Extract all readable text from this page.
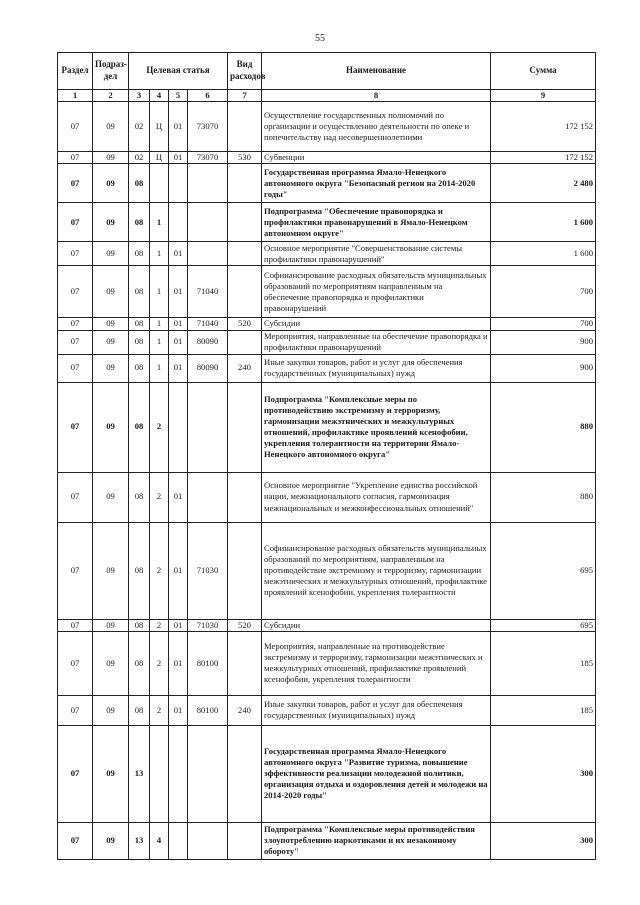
55
Раздел	Подраз-дел	Целевая статья				Вид расходов	Наименование	Сумма
1	2	3	4	5	6	7	8	9
07	09	02	Ц	01	73070		Осуществление государственных полномочий по организации и осуществлению деятельности по опеке и попечительству над несовершеннолетними	172 152
07	09	02	Ц	01	73070	530	Субвенции	172 152
07	09	08					Государственная программа Ямало-Ненецкого автономного округа "Безопасный регион на 2014-2020 годы"	2 480
07	09	08	1				Подпрограмма "Обеспечение правопорядка и профилактики правонарушений в Ямало-Ненецком автономном округе"	1 600
07	09	08	1	01			Основное мероприятие "Совершенствование системы профилактики правонарушений"	1 600
07	09	08	1	01	71040		Софинансирование расходных обязательств муниципальных образований по мероприятиям направленным на обеспечение правопорядка и профилактики правонарушений	700
07	09	08	1	01	71040	520	Субсидии	700
07	09	08	1	01	80090		Мероприятия, направленные на обеспечение правопорядка и профилактики правонарушений	900
07	09	08	1	01	80090	240	Иные закупки товаров, работ и услуг для обеспечения государственных (муниципальных) нужд	900
07	09	08	2				Подпрограмма "Комплексные меры по противодействию экстремизму и терроризму, гармонизации межэтнических и межкультурных отношений, профилактике проявлений ксенофобии, укрепления толерантности на территории Ямало-Ненецкого автономного округа"	880
07	09	08	2	01			Основное мероприятие "Укрепление единства российской нации, межнационального согласия, гармонизация межнациональных и межконфессиональных отношений"	880
07	09	08	2	01	71030		Софинансирование расходных обязательств муниципальных образований по мероприятиям, направленным на противодействие экстремизму и терроризму, гармонизации межэтнических и межкультурных отношений, профилактике проявлений ксенофобии, укрепления толерантности	695
07	09	08	2	01	71030	520	Субсидии	695
07	09	08	2	01	80100		Мероприятия, направленные на противодействие экстремизму и терроризму, гармонизации межэтнических и межкультурных отношений, профилактике проявлений ксенофобии, укрепления толерантности	185
07	09	08	2	01	80100	240	Иные закупки товаров, работ и услуг для обеспечения государственных (муниципальных) нужд	185
07	09	13					Государственная программа Ямало-Ненецкого автономного округа "Развитие туризма, повышение эффективности реализации молодежной политики, организация отдыха и оздоровления детей и молодежи на 2014-2020 годы"	300
07	09	13	4				Подпрограмма "Комплексные меры противодействия злоупотреблению наркотиками и их незаконному обороту"	300
